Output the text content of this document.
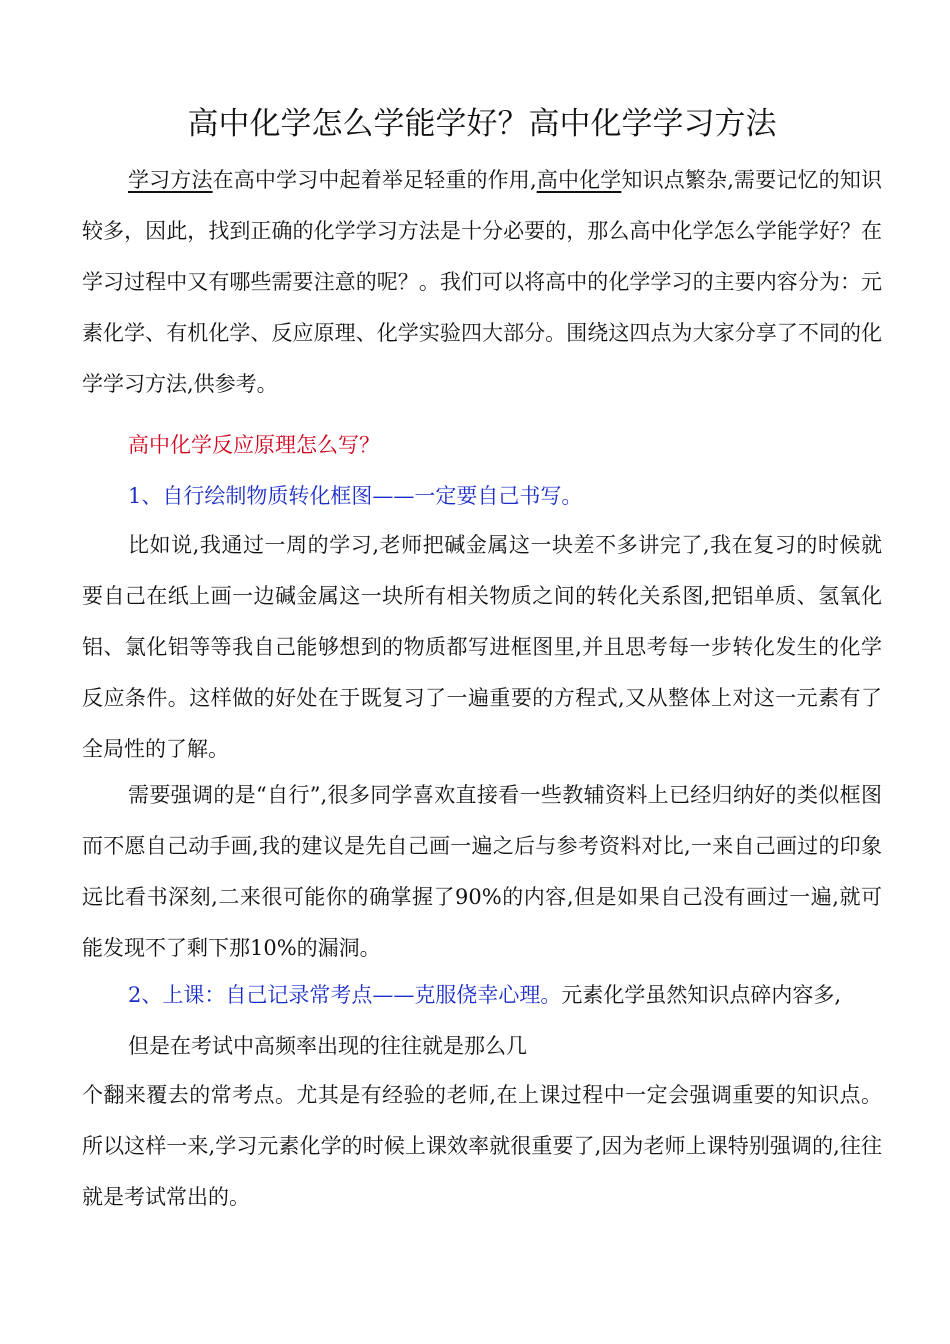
高中化学怎么学能学好？高中化学学习方法

学习方法在高中学习中起着举足轻重的作用,高中化学知识点繁杂,需要记忆的知识较多，因此，找到正确的化学学习方法是十分必要的，那么高中化学怎么学能学好？在学习过程中又有哪些需要注意的呢？。我们可以将高中的化学学习的主要内容分为：元素化学、有机化学、反应原理、化学实验四大部分。围绕这四点为大家分享了不同的化学学习方法,供参考。

高中化学反应原理怎么写？

1、自行绘制物质转化框图——一定要自己书写。

比如说,我通过一周的学习,老师把碱金属这一块差不多讲完了,我在复习的时候就要自己在纸上画一边碱金属这一块所有相关物质之间的转化关系图,把铝单质、氢氧化铝、氯化铝等等我自己能够想到的物质都写进框图里,并且思考每一步转化发生的化学反应条件。这样做的好处在于既复习了一遍重要的方程式,又从整体上对这一元素有了全局性的了解。

需要强调的是“自行”,很多同学喜欢直接看一些教辅资料上已经归纳好的类似框图而不愿自己动手画,我的建议是先自己画一遍之后与参考资料对比,一来自己画过的印象远比看书深刻,二来很可能你的确掌握了90%的内容,但是如果自己没有画过一遍,就可能发现不了剩下那10%的漏洞。

2、上课：自己记录常考点——克服侥幸心理。元素化学虽然知识点碎内容多,

但是在考试中高频率出现的往往就是那么几

个翻来覆去的常考点。尤其是有经验的老师,在上课过程中一定会强调重要的知识点。所以这样一来,学习元素化学的时候上课效率就很重要了,因为老师上课特别强调的,往往就是考试常出的。
